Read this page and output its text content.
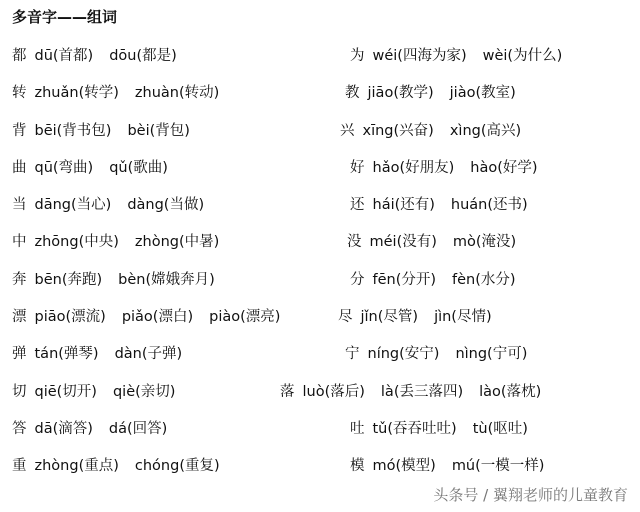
多音字——组词
都 dū(首都) dōu(都是)
转 zhuǎn(转学) zhuàn(转动)
背 bēi(背书包) bèi(背包)
曲 qū(弯曲) qǔ(歌曲)
当 dāng(当心) dàng(当做)
中 zhōng(中央) zhòng(中暑)
奔 bēn(奔跑) bèn(嫦娥奔月)
漂 piāo(漂流) piǎo(漂白) piào(漂亮)
弹 tán(弹琴) dàn(子弹)
切 qiē(切开) qiè(亲切)
答 dā(滴答) dá(回答)
重 zhòng(重点) chóng(重复)
为 wéi(四海为家) wèi(为什么)
教 jiāo(教学) jiào(教室)
兴 xīng(兴奋) xìng(高兴)
好 hǎo(好朋友) hào(好学)
还 hái(还有) huán(还书)
没 méi(没有) mò(淹没)
分 fēn(分开) fèn(水分)
尽 jǐn(尽管) jìn(尽情)
宁 níng(安宁) nìng(宁可)
落 luò(落后) là(丢三落四) lào(落枕)
吐 tǔ(吞吞吐吐) tù(呕吐)
模 mó(模型) mú(一模一样)
头条号 / 翼翔老师的儿童教育
